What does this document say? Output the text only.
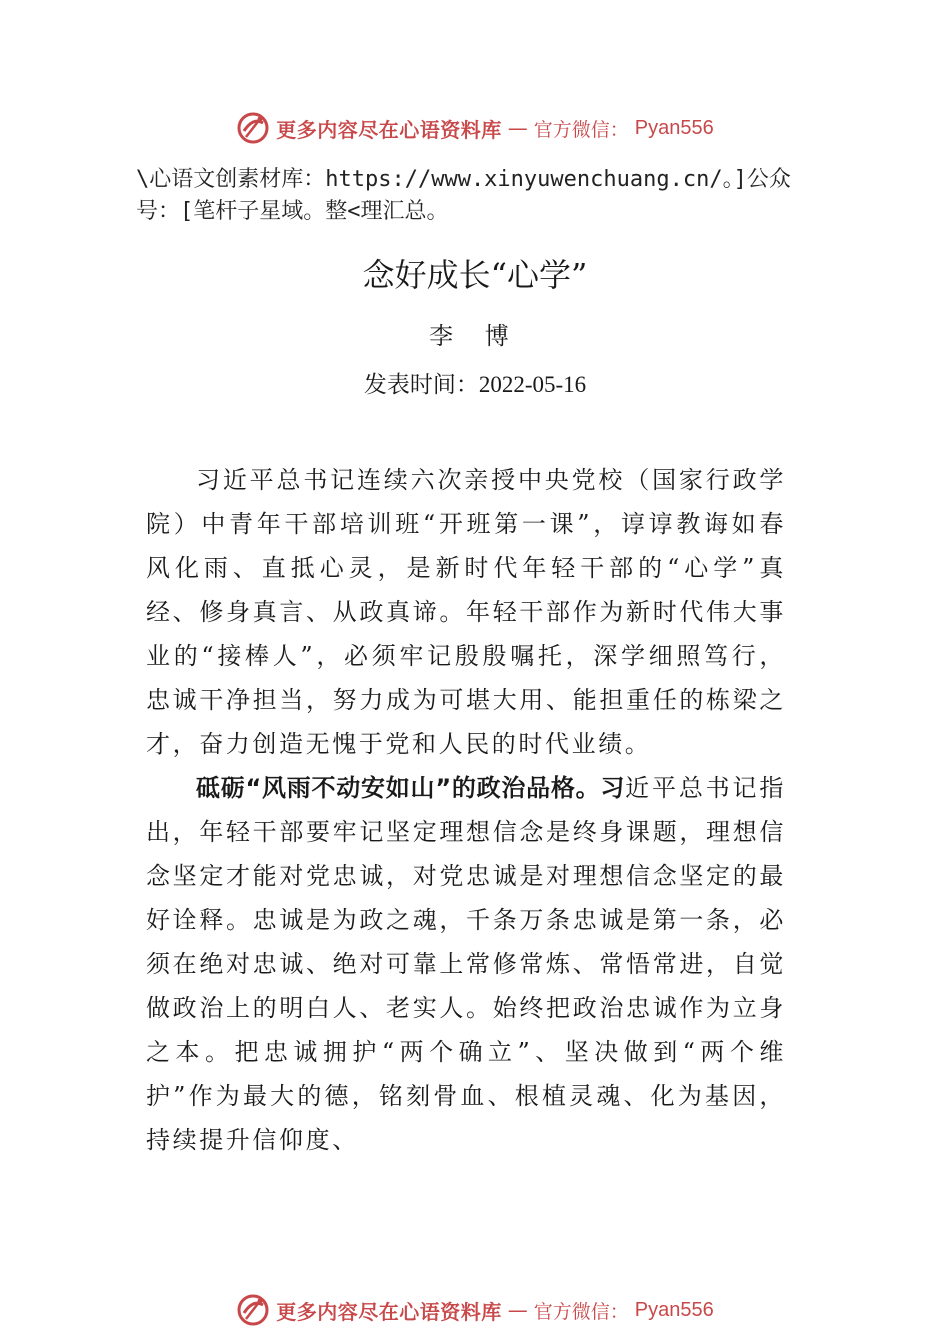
更多内容尽在心语资料库 — 官方微信： Pyan556
\心语文创素材库：https://www.xinyuwenchuang.cn/。]公众号：[笔杆子星域。整<理汇总。
念好成长“心学”
李 博
发表时间：2022-05-16

习近平总书记连续六次亲授中央党校（国家行政学院）中青年干部培训班“开班第一课”，谆谆教诲如春风化雨、直抵心灵，是新时代年轻干部的“心学”真经、修身真言、从政真谛。年轻干部作为新时代伟大事业的“接棒人”，必须牢记殷殷嘱托，深学细照笃行，忠诚干净担当，努力成为可堪大用、能担重任的栋梁之才，奋力创造无愧于党和人民的时代业绩。

砥砺“风雨不动安如山”的政治品格。习近平总书记指出，年轻干部要牢记坚定理想信念是终身课题，理想信念坚定才能对党忠诚，对党忠诚是对理想信念坚定的最好诠释。忠诚是为政之魂，千条万条忠诚是第一条，必须在绝对忠诚、绝对可靠上常修常炼、常悟常进，自觉做政治上的明白人、老实人。始终把政治忠诚作为立身之本。把忠诚拥护“两个确立”、坚决做到“两个维护”作为最大的德，铭刻骨血、根植灵魂、化为基因，持续提升信仰度、

更多内容尽在心语资料库 — 官方微信： Pyan556
